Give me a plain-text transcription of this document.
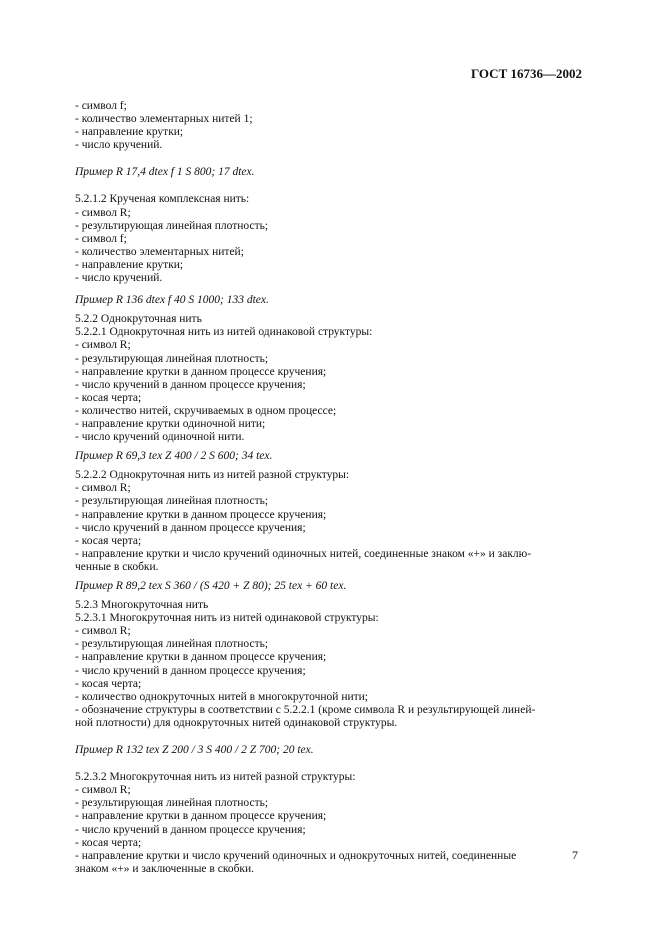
ГОСТ 16736—2002
- символ f;
- количество элементарных нитей 1;
- направление крутки;
- число кручений.
Пример R 17,4 dtex f 1 S 800; 17 dtex.
5.2.1.2 Крученая комплексная нить:
- символ R;
- результирующая линейная плотность;
- символ f;
- количество элементарных нитей;
- направление крутки;
- число кручений.
Пример R 136 dtex f 40 S 1000; 133 dtex.
5.2.2 Однокруточная нить
5.2.2.1 Однокруточная нить из нитей одинаковой структуры:
- символ R;
- результирующая линейная плотность;
- направление крутки в данном процессе кручения;
- число кручений в данном процессе кручения;
- косая черта;
- количество нитей, скручиваемых в одном процессе;
- направление крутки одиночной нити;
- число кручений одиночной нити.
Пример R 69,3 tex Z 400 / 2 S 600; 34 tex.
5.2.2.2 Однокруточная нить из нитей разной структуры:
- символ R;
- результирующая линейная плотность;
- направление крутки в данном процессе кручения;
- число кручений в данном процессе кручения;
- косая черта;
- направление крутки и число кручений одиночных нитей, соединенные знаком «+» и заклю-
ченные в скобки.
Пример R 89,2 tex S 360 / (S 420 + Z 80); 25 tex + 60 tex.
5.2.3 Многокруточная нить
5.2.3.1 Многокруточная нить из нитей одинаковой структуры:
- символ R;
- результирующая линейная плотность;
- направление крутки в данном процессе кручения;
- число кручений в данном процессе кручения;
- косая черта;
- количество однокруточных нитей в многокруточной нити;
- обозначение структуры в соответствии с 5.2.2.1 (кроме символа R и результирующей линей-
ной плотности) для однокруточных нитей одинаковой структуры.
Пример R 132 tex Z 200 / 3 S 400 / 2 Z 700; 20 tex.
5.2.3.2 Многокруточная нить из нитей разной структуры:
- символ R;
- результирующая линейная плотность;
- направление крутки в данном процессе кручения;
- число кручений в данном процессе кручения;
- косая черта;
- направление крутки и число кручений одиночных и однокруточных нитей, соединенные
знаком «+» и заключенные в скобки.
7
